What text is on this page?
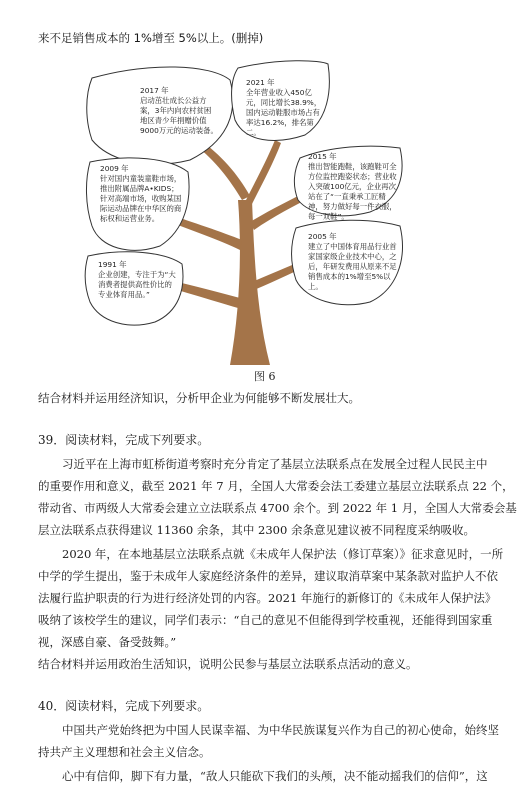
来不足销售成本的 1%增至 5%以上。(删掉)
2017 年
启动茁壮成长公益方案，3年内向农村贫困地区青少年捐赠价值9000万元的运动装备。
2021 年
全年营业收入450亿元，同比增长38.9%，国内运动鞋服市场占有率达16.2%，排名第二。
2015 年
推出智能跑鞋，该跑鞋可全方位监控跑姿状态；营业收入突破100亿元，企业再次站在了“一直秉承工匠精神，努力做好每一件衣服，每一双鞋”。
2009 年
针对国内童装童鞋市场，推出附属品牌A•KIDS；针对高端市场，收购某国际运动品牌在中华区的商标权和运营业务。
2005 年
建立了中国体育用品行业首家国家级企业技术中心，之后，年研发费用从原来不足销售成本的1%增至5%以上。
1991 年
企业创建，专注于为“大消费者提供高性价比的专业体育用品。”
图 6
结合材料并运用经济知识，分析甲企业为何能够不断发展壮大。
39．阅读材料，完成下列要求。
习近平在上海市虹桥街道考察时充分肯定了基层立法联系点在发展全过程人民民主中
的重要作用和意义，截至 2021 年 7 月，全国人大常委会法工委建立基层立法联系点 22 个，
带动省、市两级人大常委会建立立法联系点 4700 余个。到 2022 年 1 月，全国人大常委会基
层立法联系点获得建议 11360 余条，其中 2300 余条意见建议被不同程度采纳吸收。
2020 年，在本地基层立法联系点就《未成年人保护法（修订草案）》征求意见时，一所
中学的学生提出，鉴于未成年人家庭经济条件的差异，建议取消草案中某条款对监护人不依
法履行监护职责的行为进行经济处罚的内容。2021 年施行的新修订的《未成年人保护法》
吸纳了该校学生的建议，同学们表示：“自己的意见不但能得到学校重视，还能得到国家重
视，深感自豪、备受鼓舞。”
结合材料并运用政治生活知识，说明公民参与基层立法联系点活动的意义。
40．阅读材料，完成下列要求。
中国共产党始终把为中国人民谋幸福、为中华民族谋复兴作为自己的初心使命，始终坚
持共产主义理想和社会主义信念。
心中有信仰，脚下有力量，“敌人只能砍下我们的头颅，决不能动摇我们的信仰”，这
